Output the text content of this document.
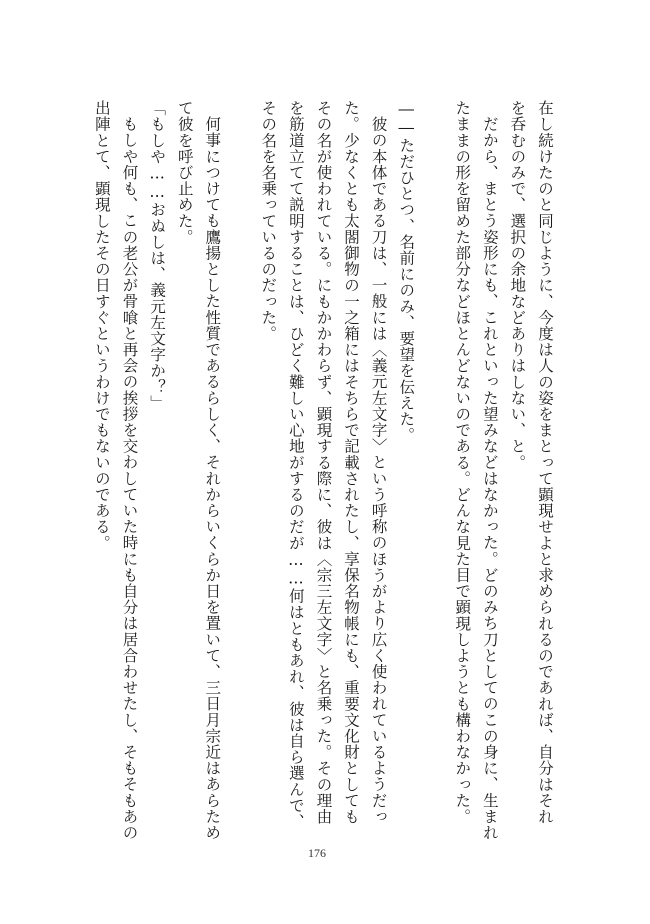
在し続けたのと同じように、今度は人の姿をまとって顕現せよと求められるのであれば、自分はそれを呑むのみで、選択の余地などありはしない、と。

だから、まとう姿形にも、これといった望みなどはなかった。どのみち刀としてのこの身に、生まれたままの形を留めた部分などほとんどないのである。どんな見た目で顕現しようとも構わなかった。

――ただひとつ、名前にのみ、要望を伝えた。

彼の本体である刀は、一般には〈義元左文字〉という呼称のほうがより広く使われているようだった。少なくとも太閤御物の一之箱にはそちらで記載されたし、享保名物帳にも、重要文化財としてもその名が使われている。にもかかわらず、顕現する際に、彼は〈宗三左文字〉と名乗った。その理由を筋道立てて説明することは、ひどく難しい心地がするのだが……何はともあれ、彼は自ら選んで、その名を名乗っているのだった。

何事につけても鷹揚とした性質であるらしく、それからいくらか日を置いて、三日月宗近はあらためて彼を呼び止めた。

「もしや……おぬしは、義元左文字か？」

もしや何も、この老公が骨喰と再会の挨拶を交わしていた時にも自分は居合わせたし、そもそもあの出陣とて、顕現したその日すぐというわけでもないのである。

176
